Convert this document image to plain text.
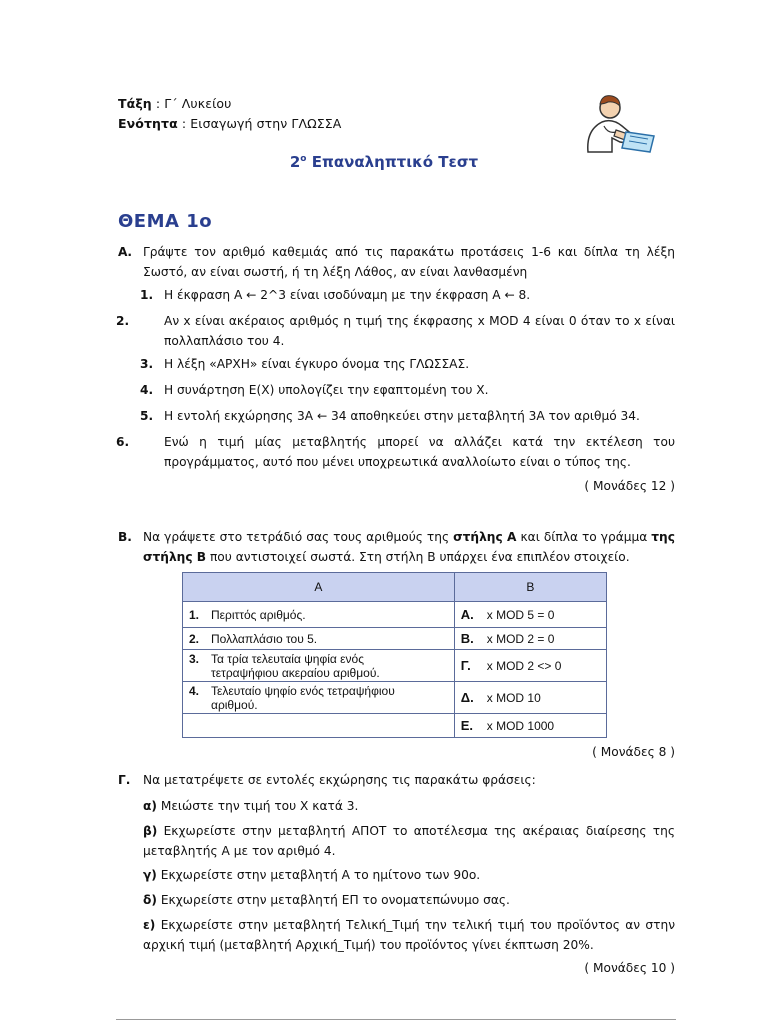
Τάξη : Γ΄ Λυκείου
Ενότητα : Εισαγωγή στην ΓΛΩΣΣΑ
$2^o$ Επαναληπτικό Τεστ
ΘΕΜΑ 1ο
Α. Γράψτε τον αριθμό καθεμιάς από τις παρακάτω προτάσεις 1-6 και δίπλα τη λέξη Σωστό, αν είναι σωστή, ή τη λέξη Λάθος, αν είναι λανθασμένη
1. Η έκφραση Α ← 2^3 είναι ισοδύναμη με την έκφραση Α ← 8.
2.	Αν x είναι ακέραιος αριθμός η τιμή της έκφρασης x MOD 4 είναι 0 όταν το x είναι πολλαπλάσιο του 4.
3. Η λέξη «ΑΡΧΗ» είναι έγκυρο όνομα της ΓΛΩΣΣΑΣ.
4. Η συνάρτηση Ε(Χ) υπολογίζει την εφαπτομένη του Χ.
5. Η εντολή εκχώρησης 3Α ← 34 αποθηκεύει στην μεταβλητή 3Α τον αριθμό 34.
6.	Ενώ η τιμή μίας μεταβλητής μπορεί να αλλάζει κατά την εκτέλεση του προγράμματος, αυτό που μένει υποχρεωτικά αναλλοίωτο είναι ο τύπος της.
( Μονάδες 12 )
Β. Να γράψετε στο τετράδιό σας τους αριθμούς της στήλης Α και δίπλα το γράμμα της στήλης Β που αντιστοιχεί σωστά. Στη στήλη Β υπάρχει ένα επιπλέον στοιχείο.
Α	Β
1. Περιττός αριθμός.	Α. x MOD 5 = 0
2. Πολλαπλάσιο του 5.	Β. x MOD 2 = 0
3. Τα τρία τελευταία ψηφία ενός τετραψήφιου ακεραίου αριθμού.	Γ. x MOD 2 <> 0
4. Τελευταίο ψηφίο ενός τετραψήφιου αριθμού.	Δ. x MOD 10
	Ε. x MOD 1000
( Μονάδες 8 )
Γ.	Να μετατρέψετε σε εντολές εκχώρησης τις παρακάτω φράσεις:
α) Μειώστε την τιμή του Χ κατά 3.
β) Εκχωρείστε στην μεταβλητή ΑΠΟΤ το αποτέλεσμα της ακέραιας διαίρεσης της μεταβλητής Α με τον αριθμό 4.
γ) Εκχωρείστε στην μεταβλητή Α το ημίτονο των 90ο.
δ) Εκχωρείστε στην μεταβλητή ΕΠ το ονοματεπώνυμο σας.
ε) Εκχωρείστε στην μεταβλητή Τελική_Τιμή την τελική τιμή του προϊόντος αν στην αρχική τιμή (μεταβλητή Αρχική_Τιμή) του προϊόντος γίνει έκπτωση 20%.
( Μονάδες 10 )
